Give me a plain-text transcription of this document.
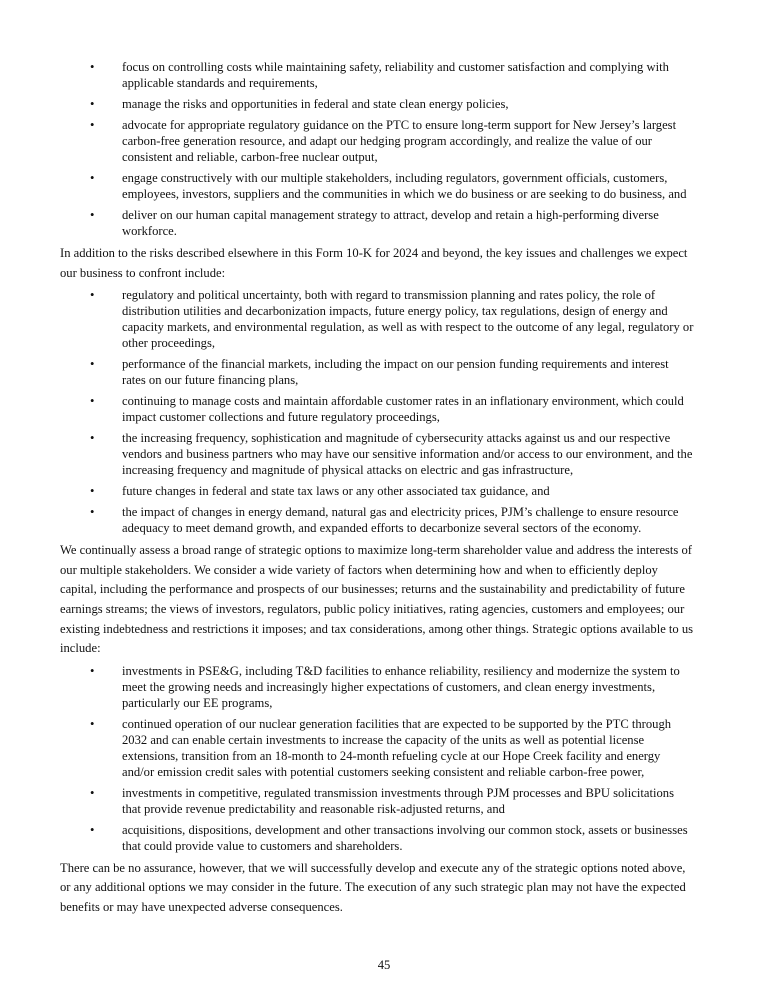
• focus on controlling costs while maintaining safety, reliability and customer satisfaction and complying with
applicable standards and requirements,
• manage the risks and opportunities in federal and state clean energy policies,
• advocate for appropriate regulatory guidance on the PTC to ensure long-term support for New Jersey’s largest
carbon-free generation resource, and adapt our hedging program accordingly, and realize the value of our
consistent and reliable, carbon-free nuclear output,
• engage constructively with our multiple stakeholders, including regulators, government officials, customers,
employees, investors, suppliers and the communities in which we do business or are seeking to do business, and
• deliver on our human capital management strategy to attract, develop and retain a high-performing diverse
workforce.
In addition to the risks described elsewhere in this Form 10-K for 2024 and beyond, the key issues and challenges we expect
our business to confront include:
• regulatory and political uncertainty, both with regard to transmission planning and rates policy, the role of
distribution utilities and decarbonization impacts, future energy policy, tax regulations, design of energy and
capacity markets, and environmental regulation, as well as with respect to the outcome of any legal, regulatory or
other proceedings,
• performance of the financial markets, including the impact on our pension funding requirements and interest
rates on our future financing plans,
• continuing to manage costs and maintain affordable customer rates in an inflationary environment, which could
impact customer collections and future regulatory proceedings,
• the increasing frequency, sophistication and magnitude of cybersecurity attacks against us and our respective
vendors and business partners who may have our sensitive information and/or access to our environment, and the
increasing frequency and magnitude of physical attacks on electric and gas infrastructure,
• future changes in federal and state tax laws or any other associated tax guidance, and
• the impact of changes in energy demand, natural gas and electricity prices, PJM’s challenge to ensure resource
adequacy to meet demand growth, and expanded efforts to decarbonize several sectors of the economy.
We continually assess a broad range of strategic options to maximize long-term shareholder value and address the interests of
our multiple stakeholders. We consider a wide variety of factors when determining how and when to efficiently deploy
capital, including the performance and prospects of our businesses; returns and the sustainability and predictability of future
earnings streams; the views of investors, regulators, public policy initiatives, rating agencies, customers and employees; our
existing indebtedness and restrictions it imposes; and tax considerations, among other things. Strategic options available to us
include:
• investments in PSE&G, including T&D facilities to enhance reliability, resiliency and modernize the system to
meet the growing needs and increasingly higher expectations of customers, and clean energy investments,
particularly our EE programs,
• continued operation of our nuclear generation facilities that are expected to be supported by the PTC through
2032 and can enable certain investments to increase the capacity of the units as well as potential license
extensions, transition from an 18-month to 24-month refueling cycle at our Hope Creek facility and energy
and/or emission credit sales with potential customers seeking consistent and reliable carbon-free power,
• investments in competitive, regulated transmission investments through PJM processes and BPU solicitations
that provide revenue predictability and reasonable risk-adjusted returns, and
• acquisitions, dispositions, development and other transactions involving our common stock, assets or businesses
that could provide value to customers and shareholders.
There can be no assurance, however, that we will successfully develop and execute any of the strategic options noted above,
or any additional options we may consider in the future. The execution of any such strategic plan may not have the expected
benefits or may have unexpected adverse consequences.
45
